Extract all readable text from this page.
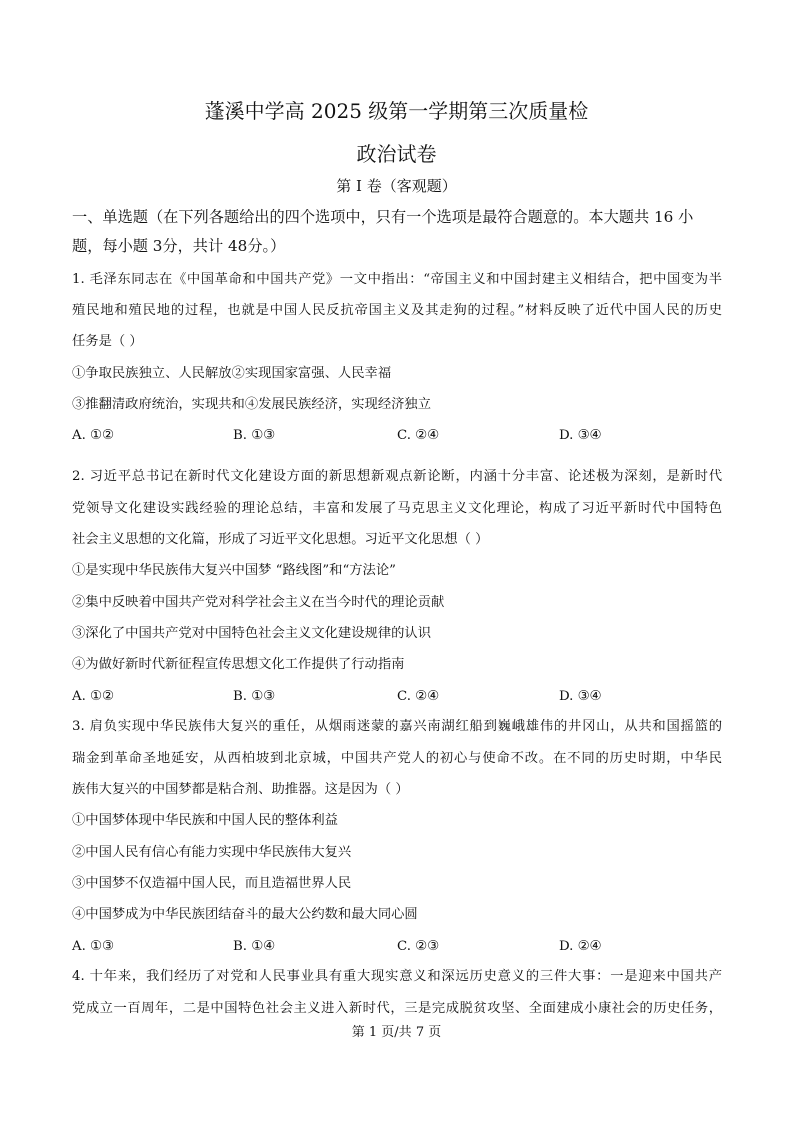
蓬溪中学高 2025 级第一学期第三次质量检
政治试卷
第 I 卷（客观题）
一、单选题（在下列各题给出的四个选项中，只有一个选项是最符合题意的。本大题共 16 小
题，每小题 3分，共计 48分。）
1. 毛泽东同志在《中国革命和中国共产党》一文中指出：“帝国主义和中国封建主义相结合，把中国变为半
殖民地和殖民地的过程，也就是中国人民反抗帝国主义及其走狗的过程。”材料反映了近代中国人民的历史
任务是（ ）
①争取民族独立、人民解放②实现国家富强、人民幸福
③推翻清政府统治，实现共和④发展民族经济，实现经济独立
A. ①②	B. ①③	C. ②④	D. ③④
2. 习近平总书记在新时代文化建设方面的新思想新观点新论断，内涵十分丰富、论述极为深刻，是新时代
党领导文化建设实践经验的理论总结，丰富和发展了马克思主义文化理论，构成了习近平新时代中国特色
社会主义思想的文化篇，形成了习近平文化思想。习近平文化思想（ ）
①是实现中华民族伟大复兴中国梦 “路线图”和“方法论”
②集中反映着中国共产党对科学社会主义在当今时代的理论贡献
③深化了中国共产党对中国特色社会主义文化建设规律的认识
④为做好新时代新征程宣传思想文化工作提供了行动指南
A. ①②	B. ①③	C. ②④	D. ③④
3. 肩负实现中华民族伟大复兴的重任，从烟雨迷蒙的嘉兴南湖红船到巍峨雄伟的井冈山，从共和国摇篮的
瑞金到革命圣地延安，从西柏坡到北京城，中国共产党人的初心与使命不改。在不同的历史时期，中华民
族伟大复兴的中国梦都是粘合剂、助推器。这是因为（ ）
①中国梦体现中华民族和中国人民的整体利益
②中国人民有信心有能力实现中华民族伟大复兴
③中国梦不仅造福中国人民，而且造福世界人民
④中国梦成为中华民族团结奋斗的最大公约数和最大同心圆
A. ①③	B. ①④	C. ②③	D. ②④
4. 十年来，我们经历了对党和人民事业具有重大现实意义和深远历史意义的三件大事：一是迎来中国共产
党成立一百周年，二是中国特色社会主义进入新时代，三是完成脱贫攻坚、全面建成小康社会的历史任务，
第 1 页/共 7 页
